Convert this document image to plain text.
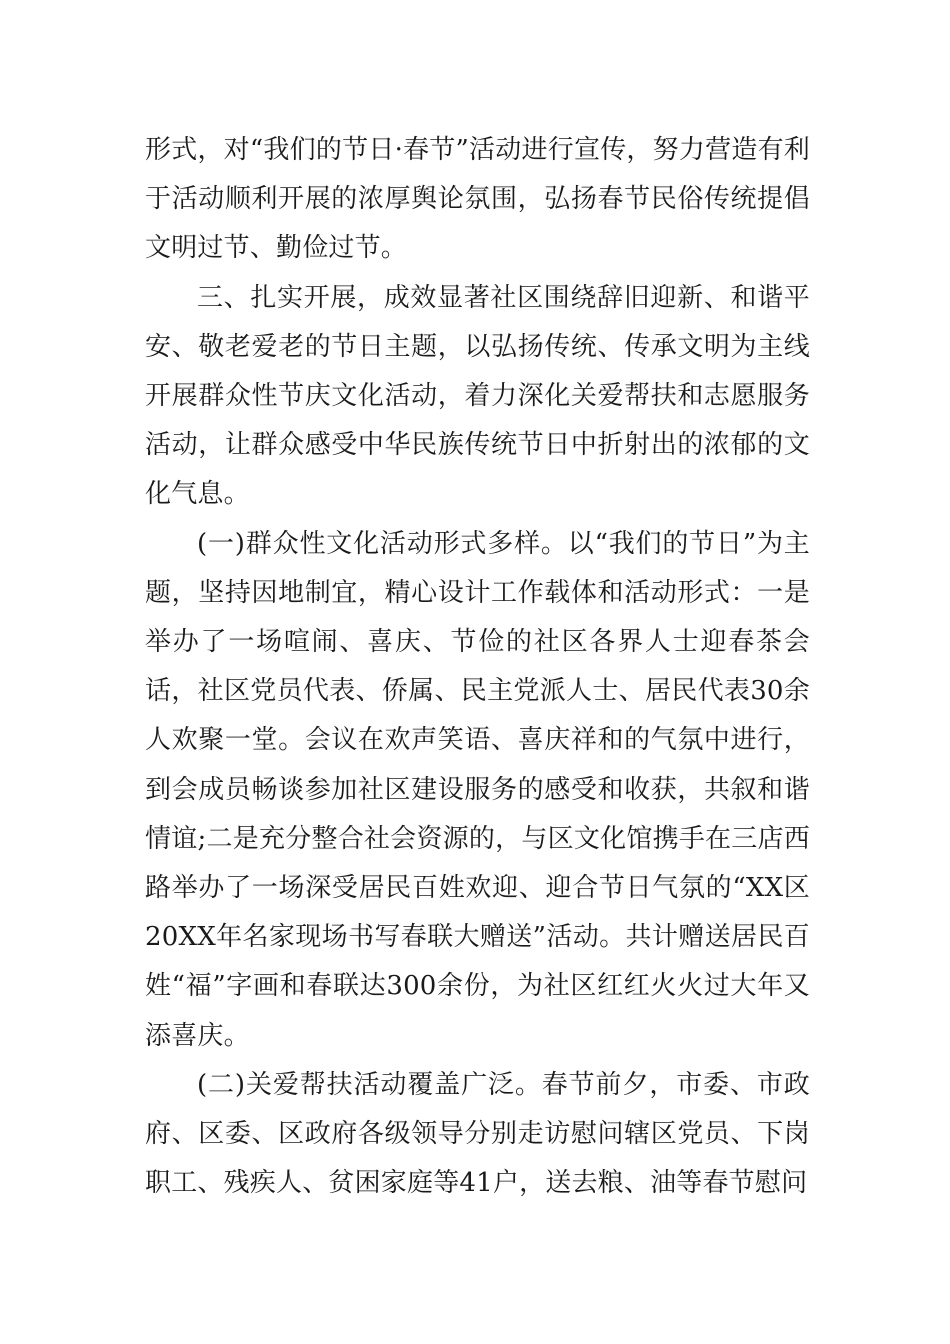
形式，对“我们的节日·春节”活动进行宣传，努力营造有利于活动顺利开展的浓厚舆论氛围，弘扬春节民俗传统提倡文明过节、勤俭过节。

三、扎实开展，成效显著社区围绕辞旧迎新、和谐平安、敬老爱老的节日主题，以弘扬传统、传承文明为主线开展群众性节庆文化活动，着力深化关爱帮扶和志愿服务活动，让群众感受中华民族传统节日中折射出的浓郁的文化气息。

(一)群众性文化活动形式多样。以“我们的节日”为主题，坚持因地制宜，精心设计工作载体和活动形式：一是举办了一场喧闹、喜庆、节俭的社区各界人士迎春茶会话，社区党员代表、侨属、民主党派人士、居民代表30余人欢聚一堂。会议在欢声笑语、喜庆祥和的气氛中进行，到会成员畅谈参加社区建设服务的感受和收获，共叙和谐情谊;二是充分整合社会资源的，与区文化馆携手在三店西路举办了一场深受居民百姓欢迎、迎合节日气氛的“XX区20XX年名家现场书写春联大赠送”活动。共计赠送居民百姓“福”字画和春联达300余份，为社区红红火火过大年又添喜庆。

(二)关爱帮扶活动覆盖广泛。春节前夕，市委、市政府、区委、区政府各级领导分别走访慰问辖区党员、下岗职工、残疾人、贫困家庭等41户，送去粮、油等春节慰问
